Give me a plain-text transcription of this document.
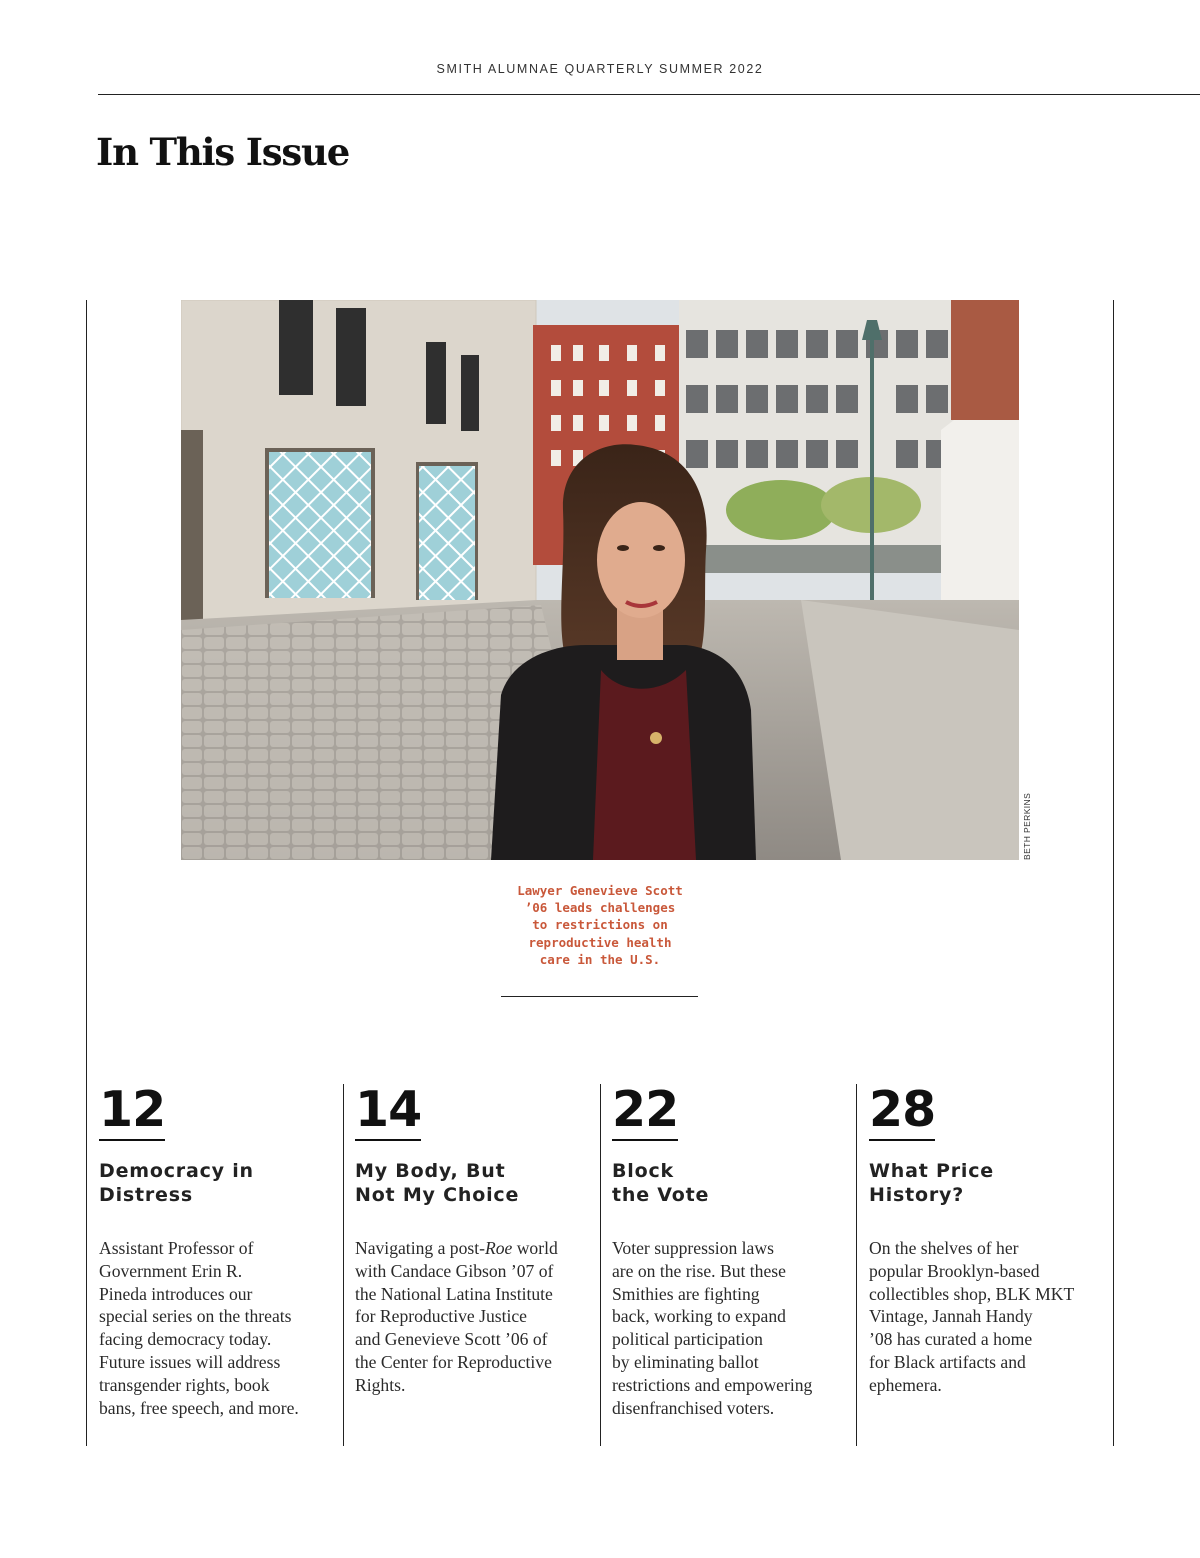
SMITH ALUMNAE QUARTERLY SUMMER 2022
In This Issue
BETH PERKINS
Lawyer Genevieve Scott
’06 leads challenges
to restrictions on
reproductive health
care in the U.S.
12
Democracy in
Distress
Assistant Professor of
Government Erin R.
Pineda introduces our
special series on the threats
facing democracy today.
Future issues will address
transgender rights, book
bans, free speech, and more.
14
My Body, But
Not My Choice
Navigating a post-Roe world
with Candace Gibson ’07 of
the National Latina Institute
for Reproductive Justice
and Genevieve Scott ’06 of
the Center for Reproductive
Rights.
22
Block
the Vote
Voter suppression laws
are on the rise. But these
Smithies are fighting
back, working to expand
political participation
by eliminating ballot
restrictions and empowering
disenfranchised voters.
28
What Price
History?
On the shelves of her
popular Brooklyn-based
collectibles shop, BLK MKT
Vintage, Jannah Handy
’08 has curated a home
for Black artifacts and
ephemera.
